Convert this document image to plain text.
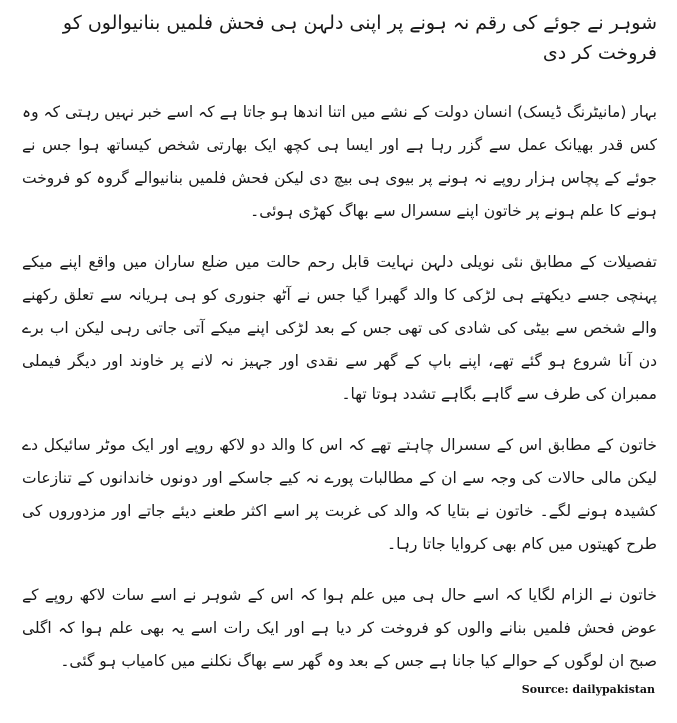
شوہر نے جوئے کی رقم نہ ہونے پر اپنی دلہن ہی فحش فلمیں بنانیوالوں کو فروخت کر دی

بہار (مانیٹرنگ ڈیسک) انسان دولت کے نشے میں اتنا اندھا ہو جاتا ہے کہ اسے خبر نہیں رہتی کہ وہ کس قدر بھیانک عمل سے گزر رہا ہے اور ایسا ہی کچھ ایک بھارتی شخص کیساتھ ہوا جس نے جوئے کے پچاس ہزار روپے نہ ہونے پر بیوی ہی بیچ دی لیکن فحش فلمیں بنانیوالے گروہ کو فروخت ہونے کا علم ہونے پر خاتون اپنے سسرال سے بھاگ کھڑی ہوئی۔

تفصیلات کے مطابق نئی نویلی دلہن نہایت قابل رحم حالت میں ضلع ساران میں واقع اپنے میکے پہنچی جسے دیکھتے ہی لڑکی کا والد گھبرا گیا جس نے آٹھ جنوری کو ہی ہریانہ سے تعلق رکھنے والے شخص سے بیٹی کی شادی کی تھی جس کے بعد لڑکی اپنے میکے آتی جاتی رہی لیکن اب برے دن آنا شروع ہو گئے تھے، اپنے باپ کے گھر سے نقدی اور جہیز نہ لانے پر خاوند اور دیگر فیملی ممبران کی طرف سے گاہے بگاہے تشدد ہوتا تھا۔

خاتون کے مطابق اس کے سسرال چاہتے تھے کہ اس کا والد دو لاکھ روپے اور ایک موٹر سائیکل دے لیکن مالی حالات کی وجہ سے ان کے مطالبات پورے نہ کیے جاسکے اور دونوں خاندانوں کے تنازعات کشیدہ ہونے لگے۔ خاتون نے بتایا کہ والد کی غربت پر اسے اکثر طعنے دیئے جاتے اور مزدوروں کی طرح کھیتوں میں کام بھی کروایا جاتا رہا۔

خاتون نے الزام لگایا کہ اسے حال ہی میں علم ہوا کہ اس کے شوہر نے اسے سات لاکھ روپے کے عوض فحش فلمیں بنانے والوں کو فروخت کر دیا ہے اور ایک رات اسے یہ بھی علم ہوا کہ اگلی صبح ان لوگوں کے حوالے کیا جانا ہے جس کے بعد وہ گھر سے بھاگ نکلنے میں کامیاب ہو گئی۔

Source: dailypakistan
